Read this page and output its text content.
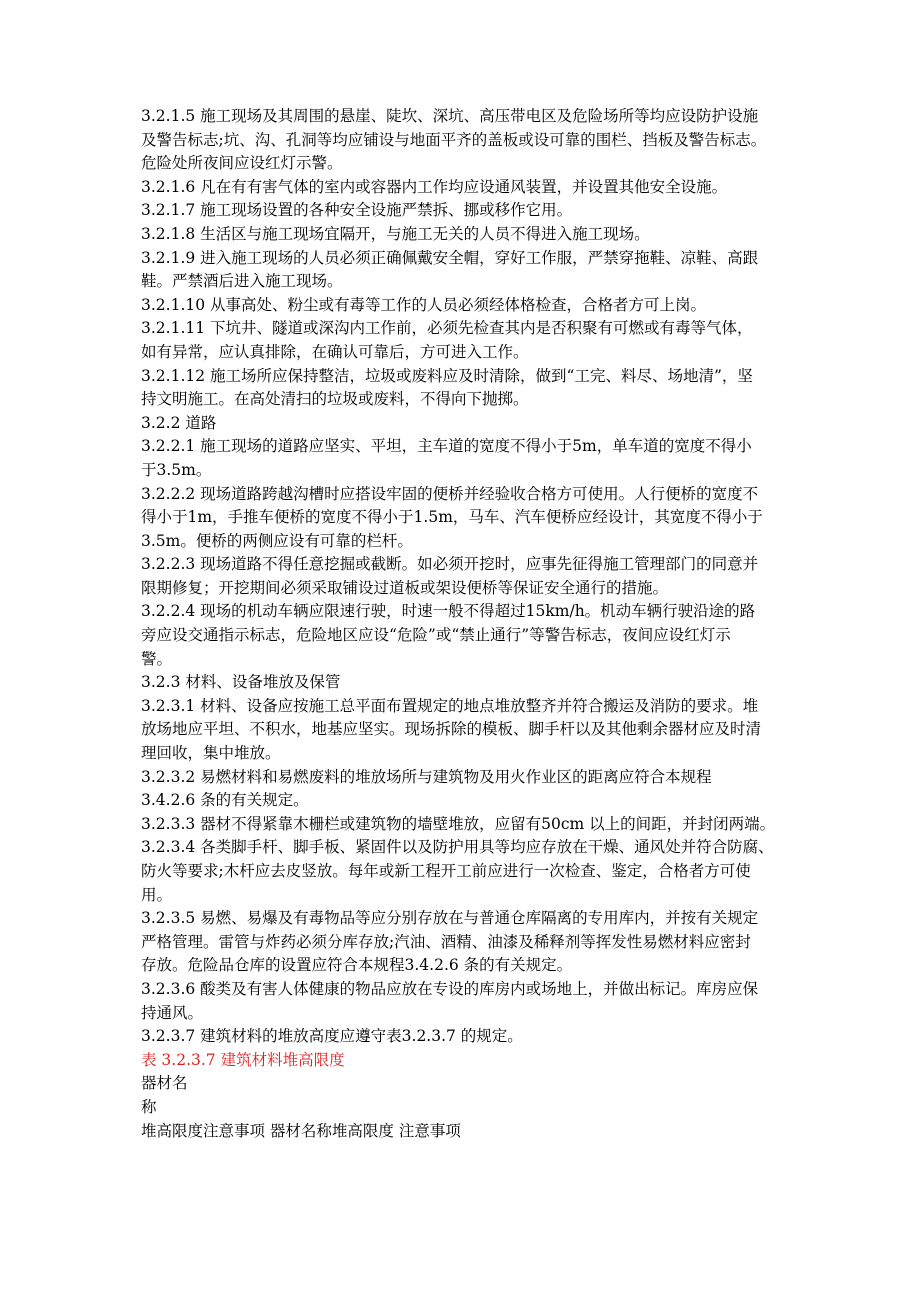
3.2.1.5 施工现场及其周围的悬崖、陡坎、深坑、高压带电区及危险场所等均应设防护设施
及警告标志;坑、沟、孔洞等均应铺设与地面平齐的盖板或设可靠的围栏、挡板及警告标志。
危险处所夜间应设红灯示警。
3.2.1.6 凡在有有害气体的室内或容器内工作均应设通风装置，并设置其他安全设施。
3.2.1.7 施工现场设置的各种安全设施严禁拆、挪或移作它用。
3.2.1.8 生活区与施工现场宜隔开，与施工无关的人员不得进入施工现场。
3.2.1.9 进入施工现场的人员必须正确佩戴安全帽，穿好工作服，严禁穿拖鞋、凉鞋、高跟
鞋。严禁酒后进入施工现场。
3.2.1.10 从事高处、粉尘或有毒等工作的人员必须经体格检查，合格者方可上岗。
3.2.1.11 下坑井、隧道或深沟内工作前，必须先检查其内是否积聚有可燃或有毒等气体，
如有异常，应认真排除，在确认可靠后，方可进入工作。
3.2.1.12 施工场所应保持整洁，垃圾或废料应及时清除，做到“工完、料尽、场地清”，坚
持文明施工。在高处清扫的垃圾或废料，不得向下抛掷。
3.2.2 道路
3.2.2.1 施工现场的道路应坚实、平坦，主车道的宽度不得小于5m，单车道的宽度不得小
于3.5m。
3.2.2.2 现场道路跨越沟槽时应搭设牢固的便桥并经验收合格方可使用。人行便桥的宽度不
得小于1m，手推车便桥的宽度不得小于1.5m，马车、汽车便桥应经设计，其宽度不得小于
3.5m。便桥的两侧应设有可靠的栏杆。
3.2.2.3 现场道路不得任意挖掘或截断。如必须开挖时，应事先征得施工管理部门的同意并
限期修复；开挖期间必须采取铺设过道板或架设便桥等保证安全通行的措施。
3.2.2.4 现场的机动车辆应限速行驶，时速一般不得超过15km/h。机动车辆行驶沿途的路
旁应设交通指示标志，危险地区应设“危险”或“禁止通行”等警告标志，夜间应设红灯示
警。
3.2.3 材料、设备堆放及保管
3.2.3.1 材料、设备应按施工总平面布置规定的地点堆放整齐并符合搬运及消防的要求。堆
放场地应平坦、不积水，地基应坚实。现场拆除的模板、脚手杆以及其他剩余器材应及时清
理回收，集中堆放。
3.2.3.2 易燃材料和易燃废料的堆放场所与建筑物及用火作业区的距离应符合本规程
3.4.2.6 条的有关规定。
3.2.3.3 器材不得紧靠木栅栏或建筑物的墙壁堆放，应留有50cm 以上的间距，并封闭两端。
3.2.3.4 各类脚手杆、脚手板、紧固件以及防护用具等均应存放在干燥、通风处并符合防腐、
防火等要求;木杆应去皮竖放。每年或新工程开工前应进行一次检查、鉴定，合格者方可使
用。
3.2.3.5 易燃、易爆及有毒物品等应分别存放在与普通仓库隔离的专用库内，并按有关规定
严格管理。雷管与炸药必须分库存放;汽油、酒精、油漆及稀释剂等挥发性易燃材料应密封
存放。危险品仓库的设置应符合本规程3.4.2.6 条的有关规定。
3.2.3.6 酸类及有害人体健康的物品应放在专设的库房内或场地上，并做出标记。库房应保
持通风。
3.2.3.7 建筑材料的堆放高度应遵守表3.2.3.7 的规定。
表 3.2.3.7 建筑材料堆高限度
器材名
称
堆高限度注意事项 器材名称堆高限度 注意事项
